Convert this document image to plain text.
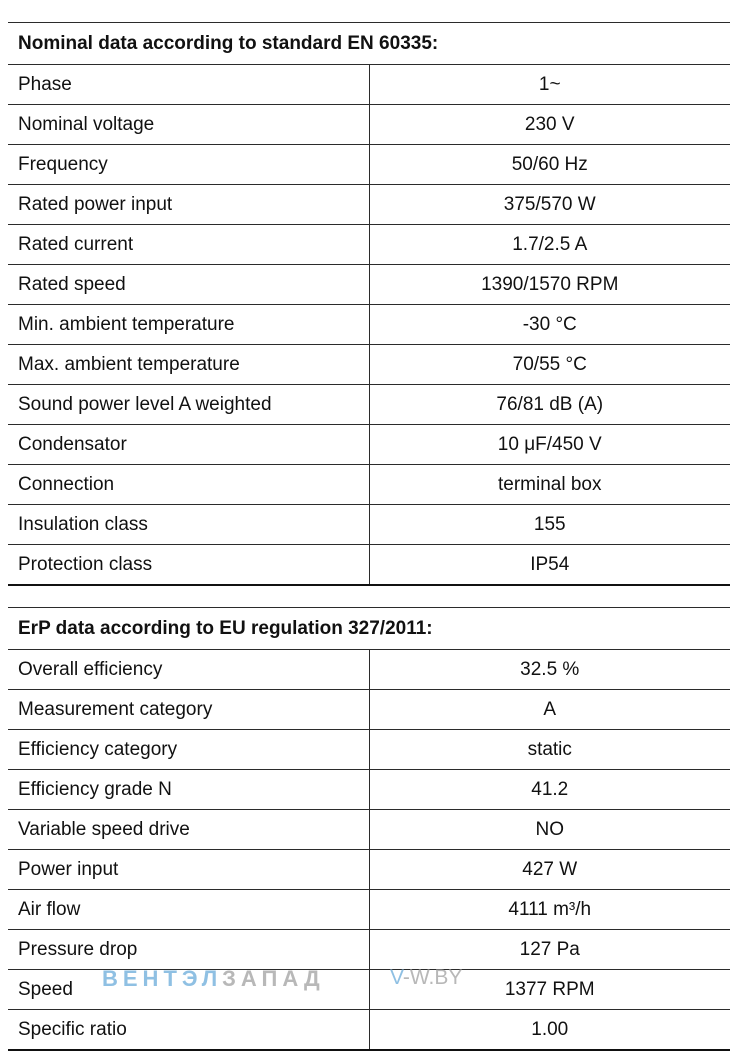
Nominal data according to standard EN 60335:	
Phase	1~
Nominal voltage	230 V
Frequency	50/60 Hz
Rated power input	375/570 W
Rated current	1.7/2.5 A
Rated speed	1390/1570 RPM
Min. ambient temperature	-30 °C
Max. ambient temperature	70/55 °C
Sound power level A weighted	76/81 dB (A)
Condensator	10 μF/450 V
Connection	terminal box
Insulation class	155
Protection class	IP54
ErP data according to EU regulation 327/2011:	
Overall efficiency	32.5 %
Measurement category	A
Efficiency category	static
Efficiency grade N	41.2
Variable speed drive	NO
Power input	427 W
Air flow	4111 m³/h
Pressure drop	127 Pa
Speed	1377 RPM
Specific ratio	1.00
ВЕНТЭЛЗАПАД	V-W.BY
